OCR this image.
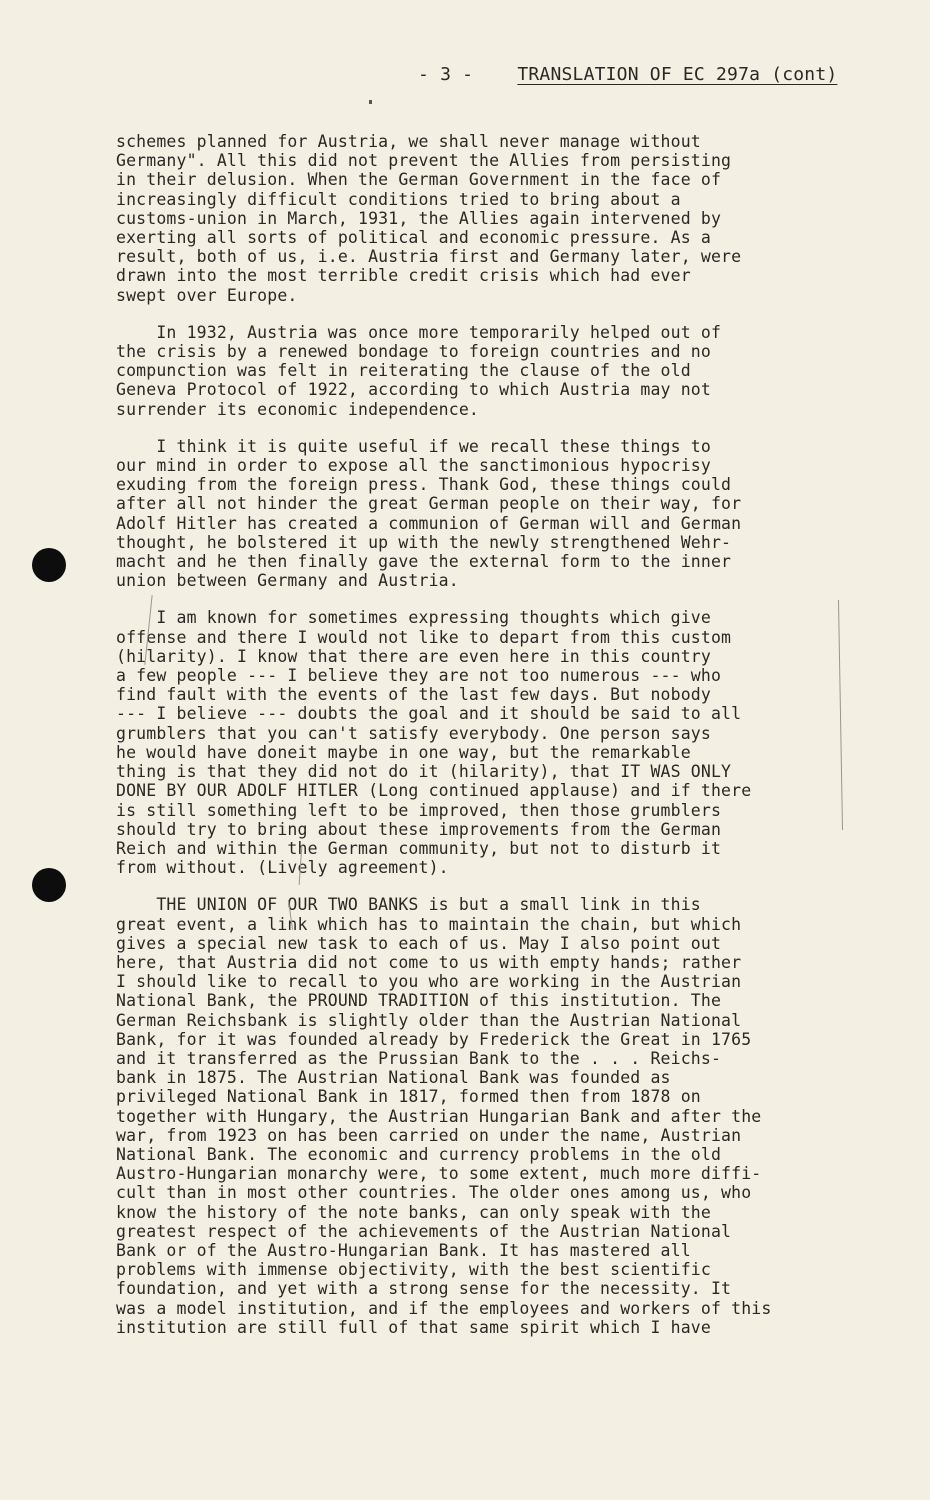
- 3 - TRANSLATION OF EC 297a (cont)
schemes planned for Austria, we shall never manage without
Germany". All this did not prevent the Allies from persisting
in their delusion. When the German Government in the face of
increasingly difficult conditions tried to bring about a
customs-union in March, 1931, the Allies again intervened by
exerting all sorts of political and economic pressure. As a
result, both of us, i.e. Austria first and Germany later, were
drawn into the most terrible credit crisis which had ever
swept over Europe.
In 1932, Austria was once more temporarily helped out of
the crisis by a renewed bondage to foreign countries and no
compunction was felt in reiterating the clause of the old
Geneva Protocol of 1922, according to which Austria may not
surrender its economic independence.
I think it is quite useful if we recall these things to
our mind in order to expose all the sanctimonious hypocrisy
exuding from the foreign press. Thank God, these things could
after all not hinder the great German people on their way, for
Adolf Hitler has created a communion of German will and German
thought, he bolstered it up with the newly strengthened Wehr-
macht and he then finally gave the external form to the inner
union between Germany and Austria.
I am known for sometimes expressing thoughts which give
offense and there I would not like to depart from this custom
(hilarity). I know that there are even here in this country
a few people --- I believe they are not too numerous --- who
find fault with the events of the last few days. But nobody
--- I believe --- doubts the goal and it should be said to all
grumblers that you can't satisfy everybody. One person says
he would have doneit maybe in one way, but the remarkable
thing is that they did not do it (hilarity), that IT WAS ONLY
DONE BY OUR ADOLF HITLER (Long continued applause) and if there
is still something left to be improved, then those grumblers
should try to bring about these improvements from the German
Reich and within the German community, but not to disturb it
from without. (Lively agreement).
THE UNION OF OUR TWO BANKS is but a small link in this
great event, a link which has to maintain the chain, but which
gives a special new task to each of us. May I also point out
here, that Austria did not come to us with empty hands; rather
I should like to recall to you who are working in the Austrian
National Bank, the PROUND TRADITION of this institution. The
German Reichsbank is slightly older than the Austrian National
Bank, for it was founded already by Frederick the Great in 1765
and it transferred as the Prussian Bank to the . . . Reichs-
bank in 1875. The Austrian National Bank was founded as
privileged National Bank in 1817, formed then from 1878 on
together with Hungary, the Austrian Hungarian Bank and after the
war, from 1923 on has been carried on under the name, Austrian
National Bank. The economic and currency problems in the old
Austro-Hungarian monarchy were, to some extent, much more diffi-
cult than in most other countries. The older ones among us, who
know the history of the note banks, can only speak with the
greatest respect of the achievements of the Austrian National
Bank or of the Austro-Hungarian Bank. It has mastered all
problems with immense objectivity, with the best scientific
foundation, and yet with a strong sense for the necessity. It
was a model institution, and if the employees and workers of this
institution are still full of that same spirit which I have
